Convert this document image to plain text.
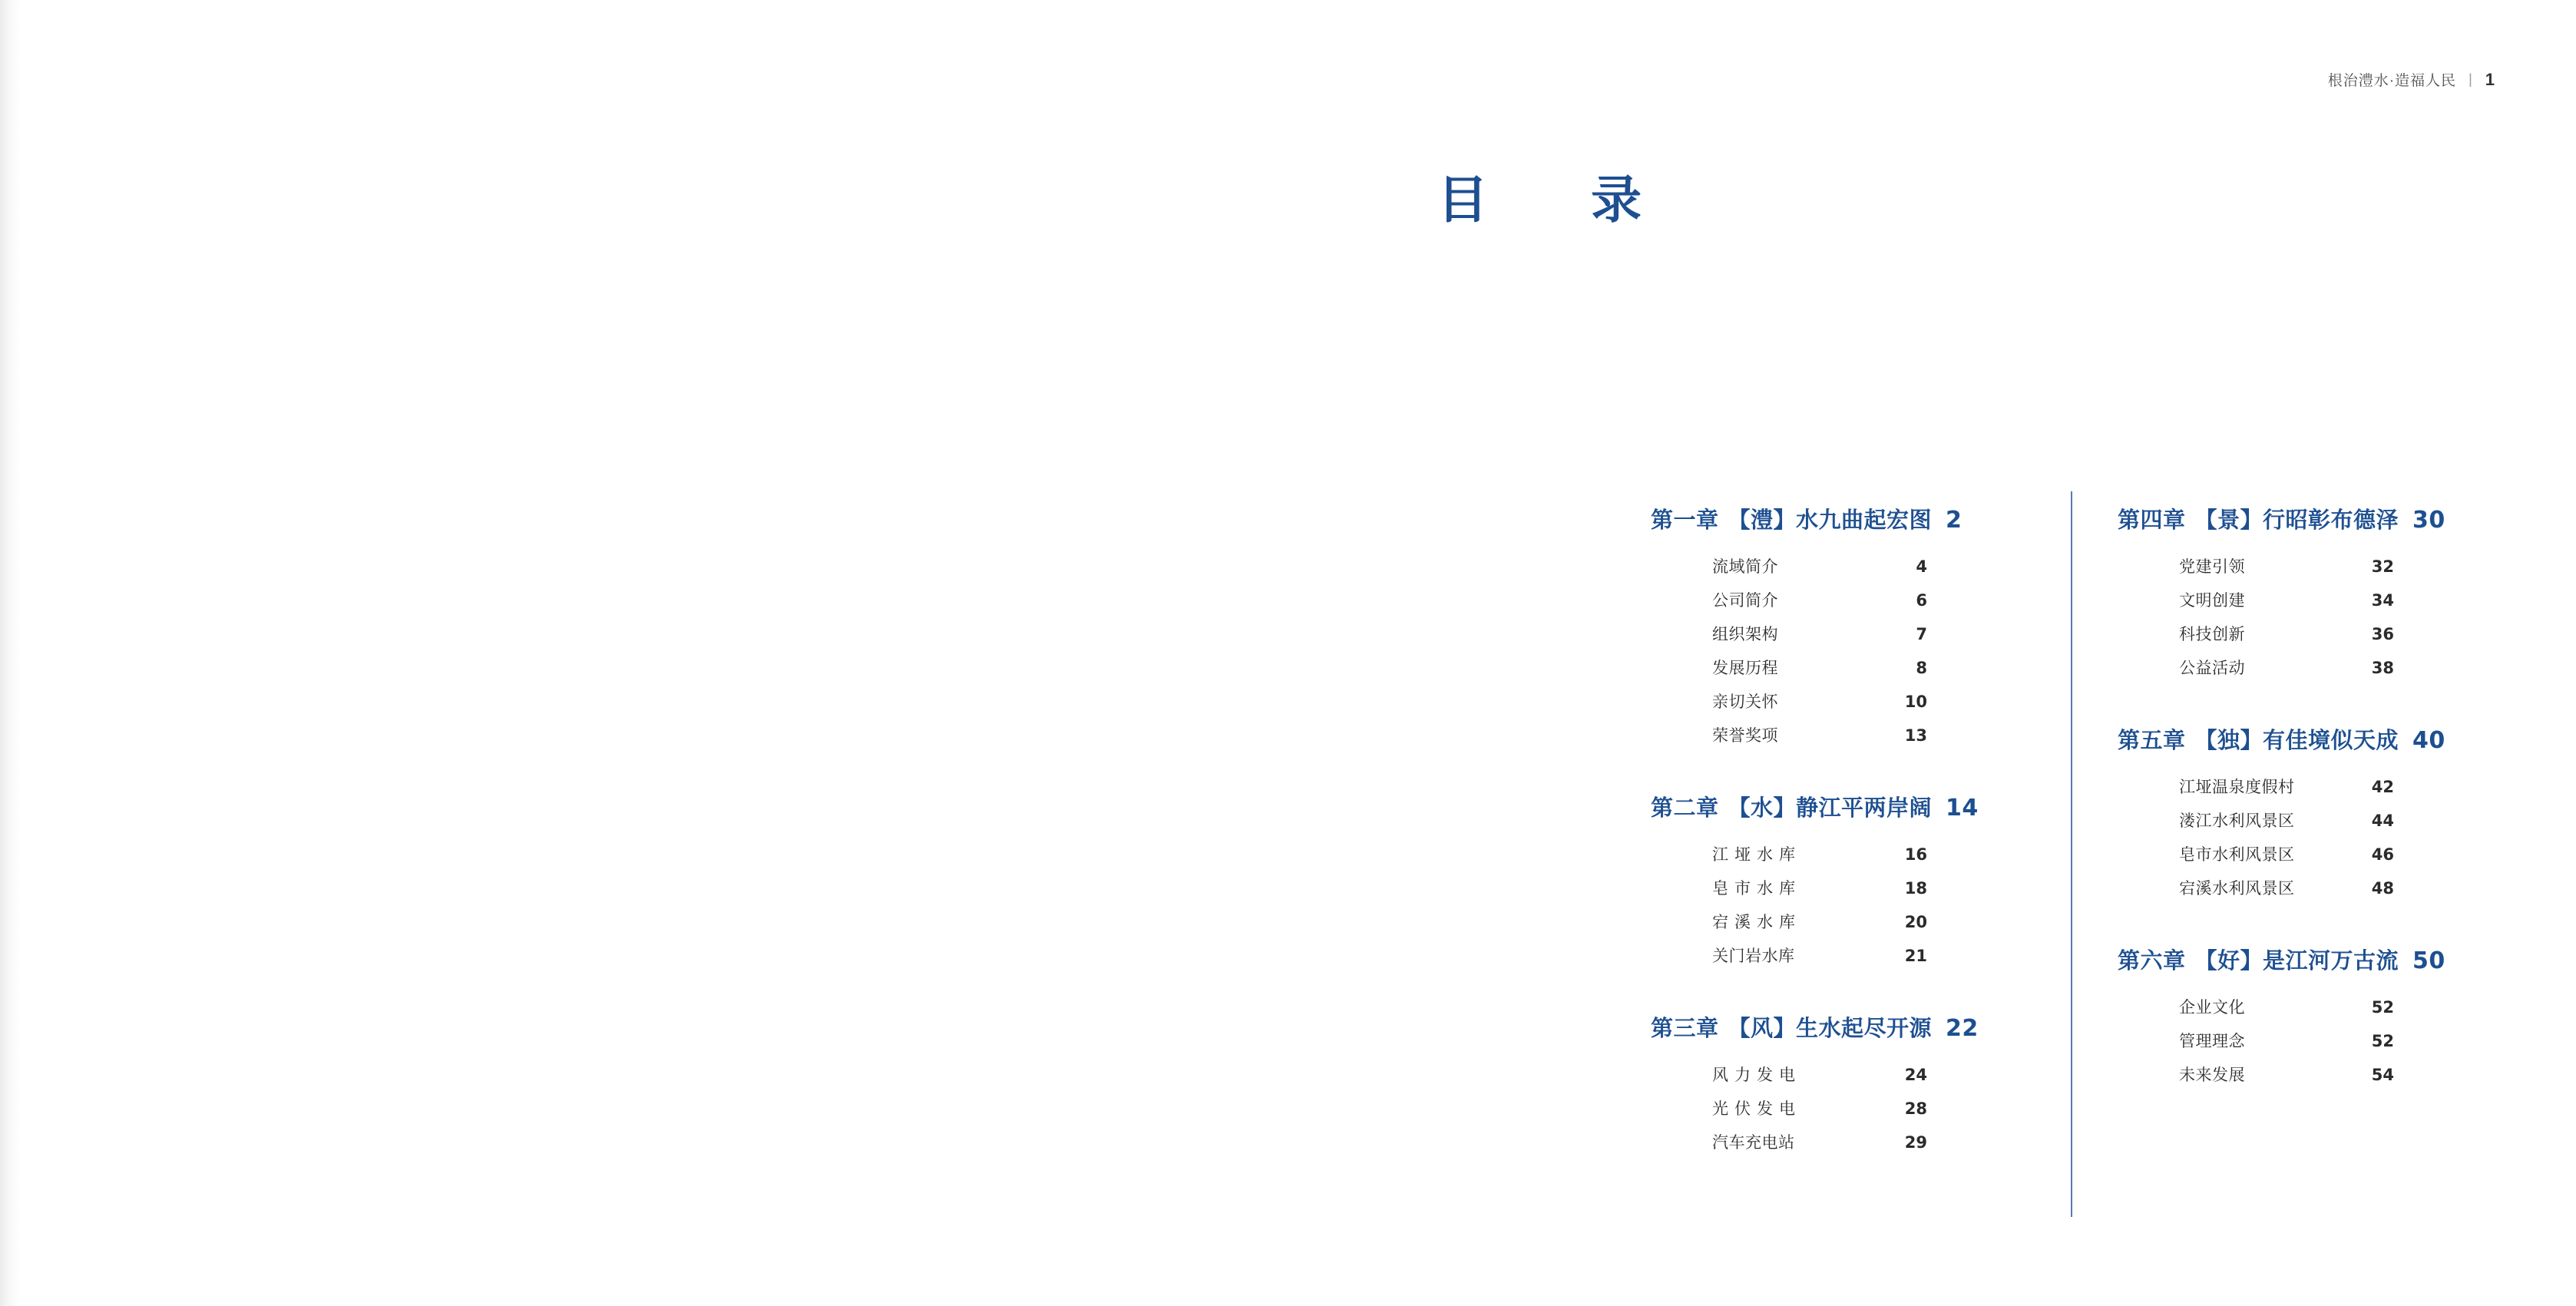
根治澧水·造福人民 | 1
目　录
第一章 【澧】水九曲起宏图 2
流域简介	4
公司简介	6
组织架构	7
发展历程	8
亲切关怀	10
荣誉奖项	13
第二章 【水】静江平两岸阔 14
江垭水库	16
皂市水库	18
宕溪水库	20
关门岩水库	21
第三章 【风】生水起尽开源 22
风力发电	24
光伏发电	28
汽车充电站	29
第四章 【景】行昭彰布德泽 30
党建引领	32
文明创建	34
科技创新	36
公益活动	38
第五章 【独】有佳境似天成 40
江垭温泉度假村	42
溇江水利风景区	44
皂市水利风景区	46
宕溪水利风景区	48
第六章 【好】是江河万古流 50
企业文化	52
管理理念	52
未来发展	54
